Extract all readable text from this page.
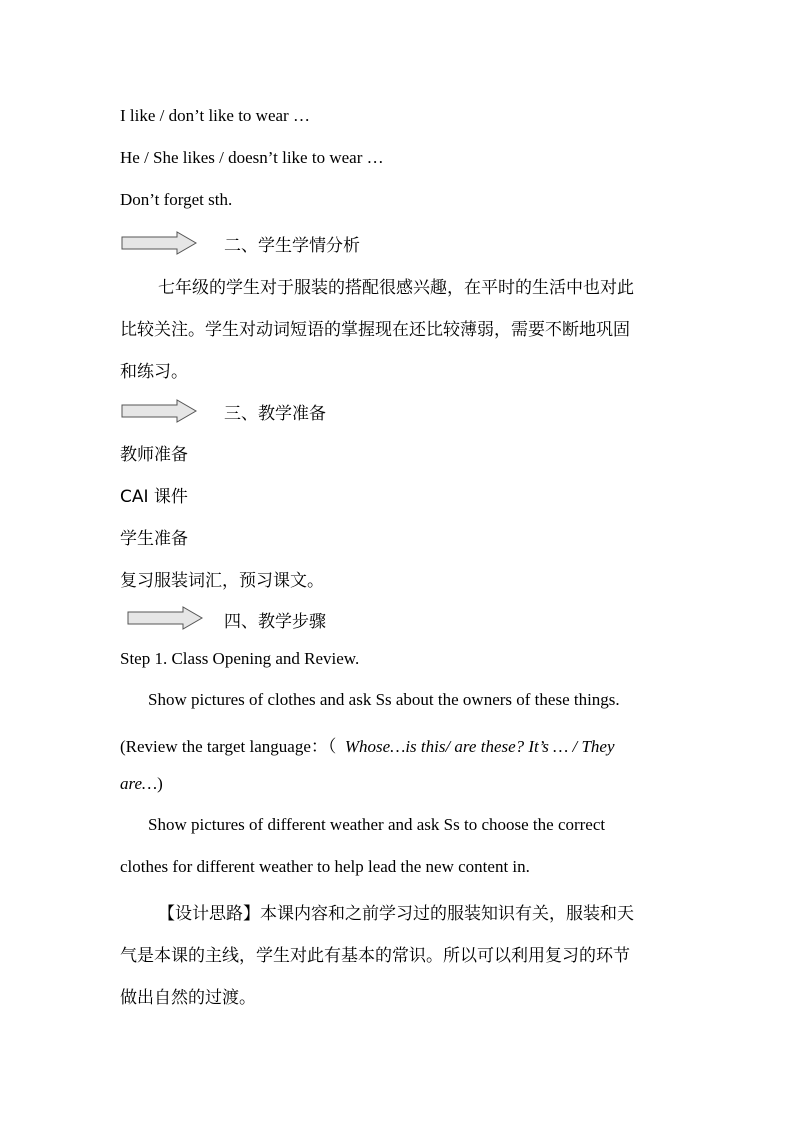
I like / don’t like to wear …
He / She likes / doesn’t like to wear …
Don’t forget sth.
二、学生学情分析
七年级的学生对于服装的搭配很感兴趣，在平时的生活中也对此
比较关注。学生对动词短语的掌握现在还比较薄弱，需要不断地巩固
和练习。
三、教学准备
教师准备
CAI 课件
学生准备
复习服装词汇，预习课文。
四、教学步骤
Step 1. Class Opening and Review.
Show pictures of clothes and ask Ss about the owners of these things.
(Review the target language：（ Whose…is this/ are these? It’s … / They
are…)
Show pictures of different weather and ask Ss to choose the correct
clothes for different weather to help lead the new content in.
【设计思路】本课内容和之前学习过的服装知识有关，服装和天
气是本课的主线，学生对此有基本的常识。所以可以利用复习的环节
做出自然的过渡。
